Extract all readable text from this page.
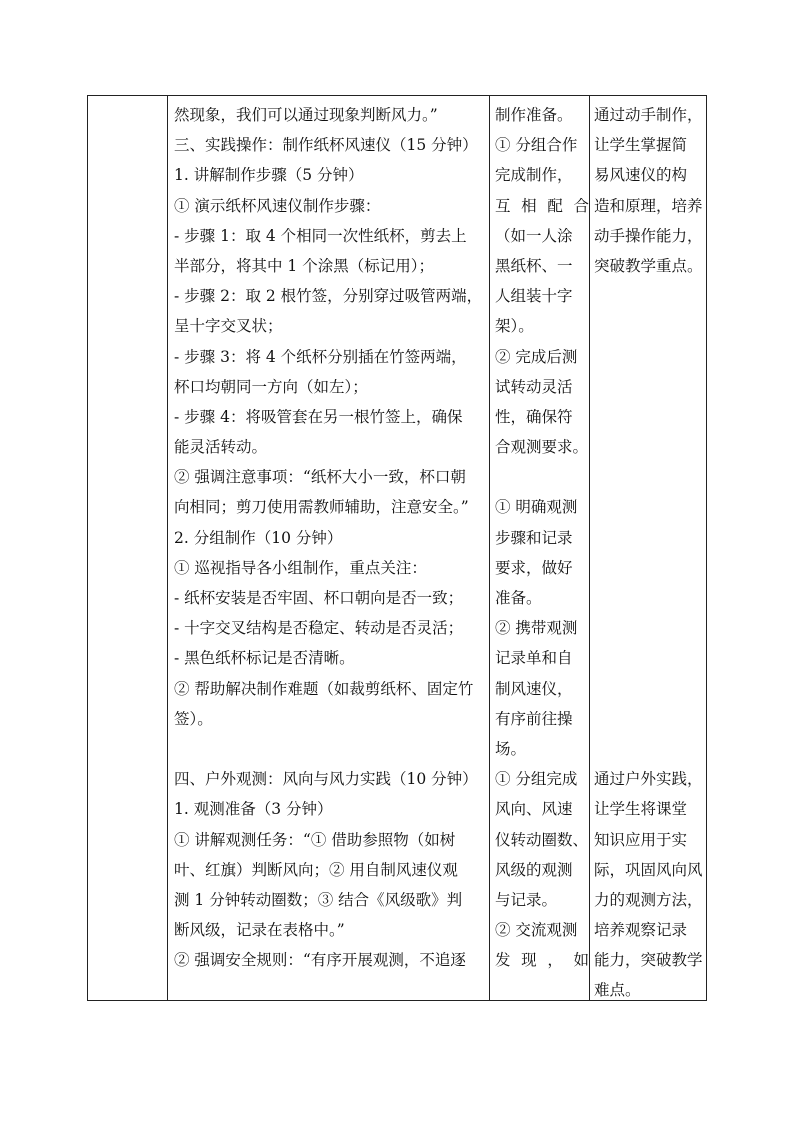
然现象，我们可以通过现象判断风力。”
三、实践操作：制作纸杯风速仪（15 分钟）
1. 讲解制作步骤（5 分钟）
① 演示纸杯风速仪制作步骤：
- 步骤 1：取 4 个相同一次性纸杯，剪去上
半部分，将其中 1 个涂黑（标记用）；
- 步骤 2：取 2 根竹签，分别穿过吸管两端，
呈十字交叉状；
- 步骤 3：将 4 个纸杯分别插在竹签两端，
杯口均朝同一方向（如左）；
- 步骤 4：将吸管套在另一根竹签上，确保
能灵活转动。
② 强调注意事项：“纸杯大小一致，杯口朝
向相同；剪刀使用需教师辅助，注意安全。”
2. 分组制作（10 分钟）
① 巡视指导各小组制作，重点关注：
- 纸杯安装是否牢固、杯口朝向是否一致；
- 十字交叉结构是否稳定、转动是否灵活；
- 黑色纸杯标记是否清晰。
② 帮助解决制作难题（如裁剪纸杯、固定竹
签）。
四、户外观测：风向与风力实践（10 分钟）
1. 观测准备（3 分钟）
① 讲解观测任务：“① 借助参照物（如树
叶、红旗）判断风向；② 用自制风速仪观
测 1 分钟转动圈数；③ 结合《风级歌》判
断风级，记录在表格中。”
② 强调安全规则：“有序开展观测，不追逐
制作准备。
① 分组合作
完成制作，
互 相 配 合
（如一人涂
黑纸杯、一
人组装十字
架）。
② 完成后测
试转动灵活
性，确保符
合观测要求。
① 明确观测
步骤和记录
要求，做好
准备。
② 携带观测
记录单和自
制风速仪，
有序前往操
场。
① 分组完成
风向、风速
仪转动圈数、
风级的观测
与记录。
② 交流观测
发 现 ， 如
通过动手制作，
让学生掌握简
易风速仪的构
造和原理，培养
动手操作能力，
突破教学重点。
通过户外实践，
让学生将课堂
知识应用于实
际，巩固风向风
力的观测方法，
培养观察记录
能力，突破教学
难点。
